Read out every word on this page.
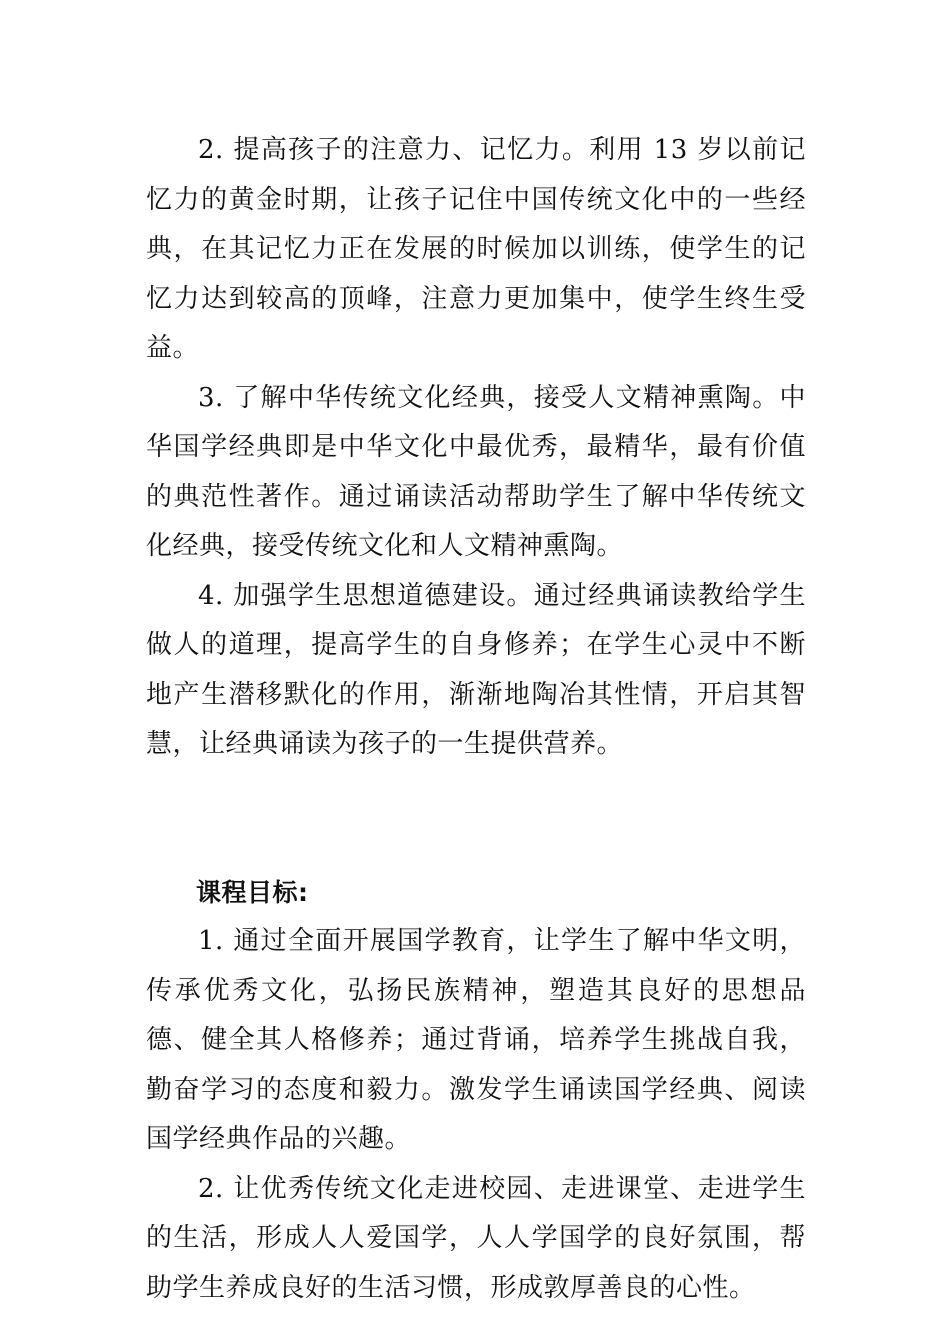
2. 提高孩子的注意力、记忆力。利用 13 岁以前记忆力的黄金时期，让孩子记住中国传统文化中的一些经典，在其记忆力正在发展的时候加以训练，使学生的记忆力达到较高的顶峰，注意力更加集中，使学生终生受益。

3. 了解中华传统文化经典，接受人文精神熏陶。中华国学经典即是中华文化中最优秀，最精华，最有价值的典范性著作。通过诵读活动帮助学生了解中华传统文化经典，接受传统文化和人文精神熏陶。

4. 加强学生思想道德建设。通过经典诵读教给学生做人的道理，提高学生的自身修养；在学生心灵中不断地产生潜移默化的作用，渐渐地陶冶其性情，开启其智慧，让经典诵读为孩子的一生提供营养。

课程目标:

1. 通过全面开展国学教育，让学生了解中华文明，传承优秀文化，弘扬民族精神，塑造其良好的思想品德、健全其人格修养；通过背诵，培养学生挑战自我，勤奋学习的态度和毅力。激发学生诵读国学经典、阅读国学经典作品的兴趣。

2. 让优秀传统文化走进校园、走进课堂、走进学生的生活，形成人人爱国学，人人学国学的良好氛围，帮助学生养成良好的生活习惯，形成敦厚善良的心性。
